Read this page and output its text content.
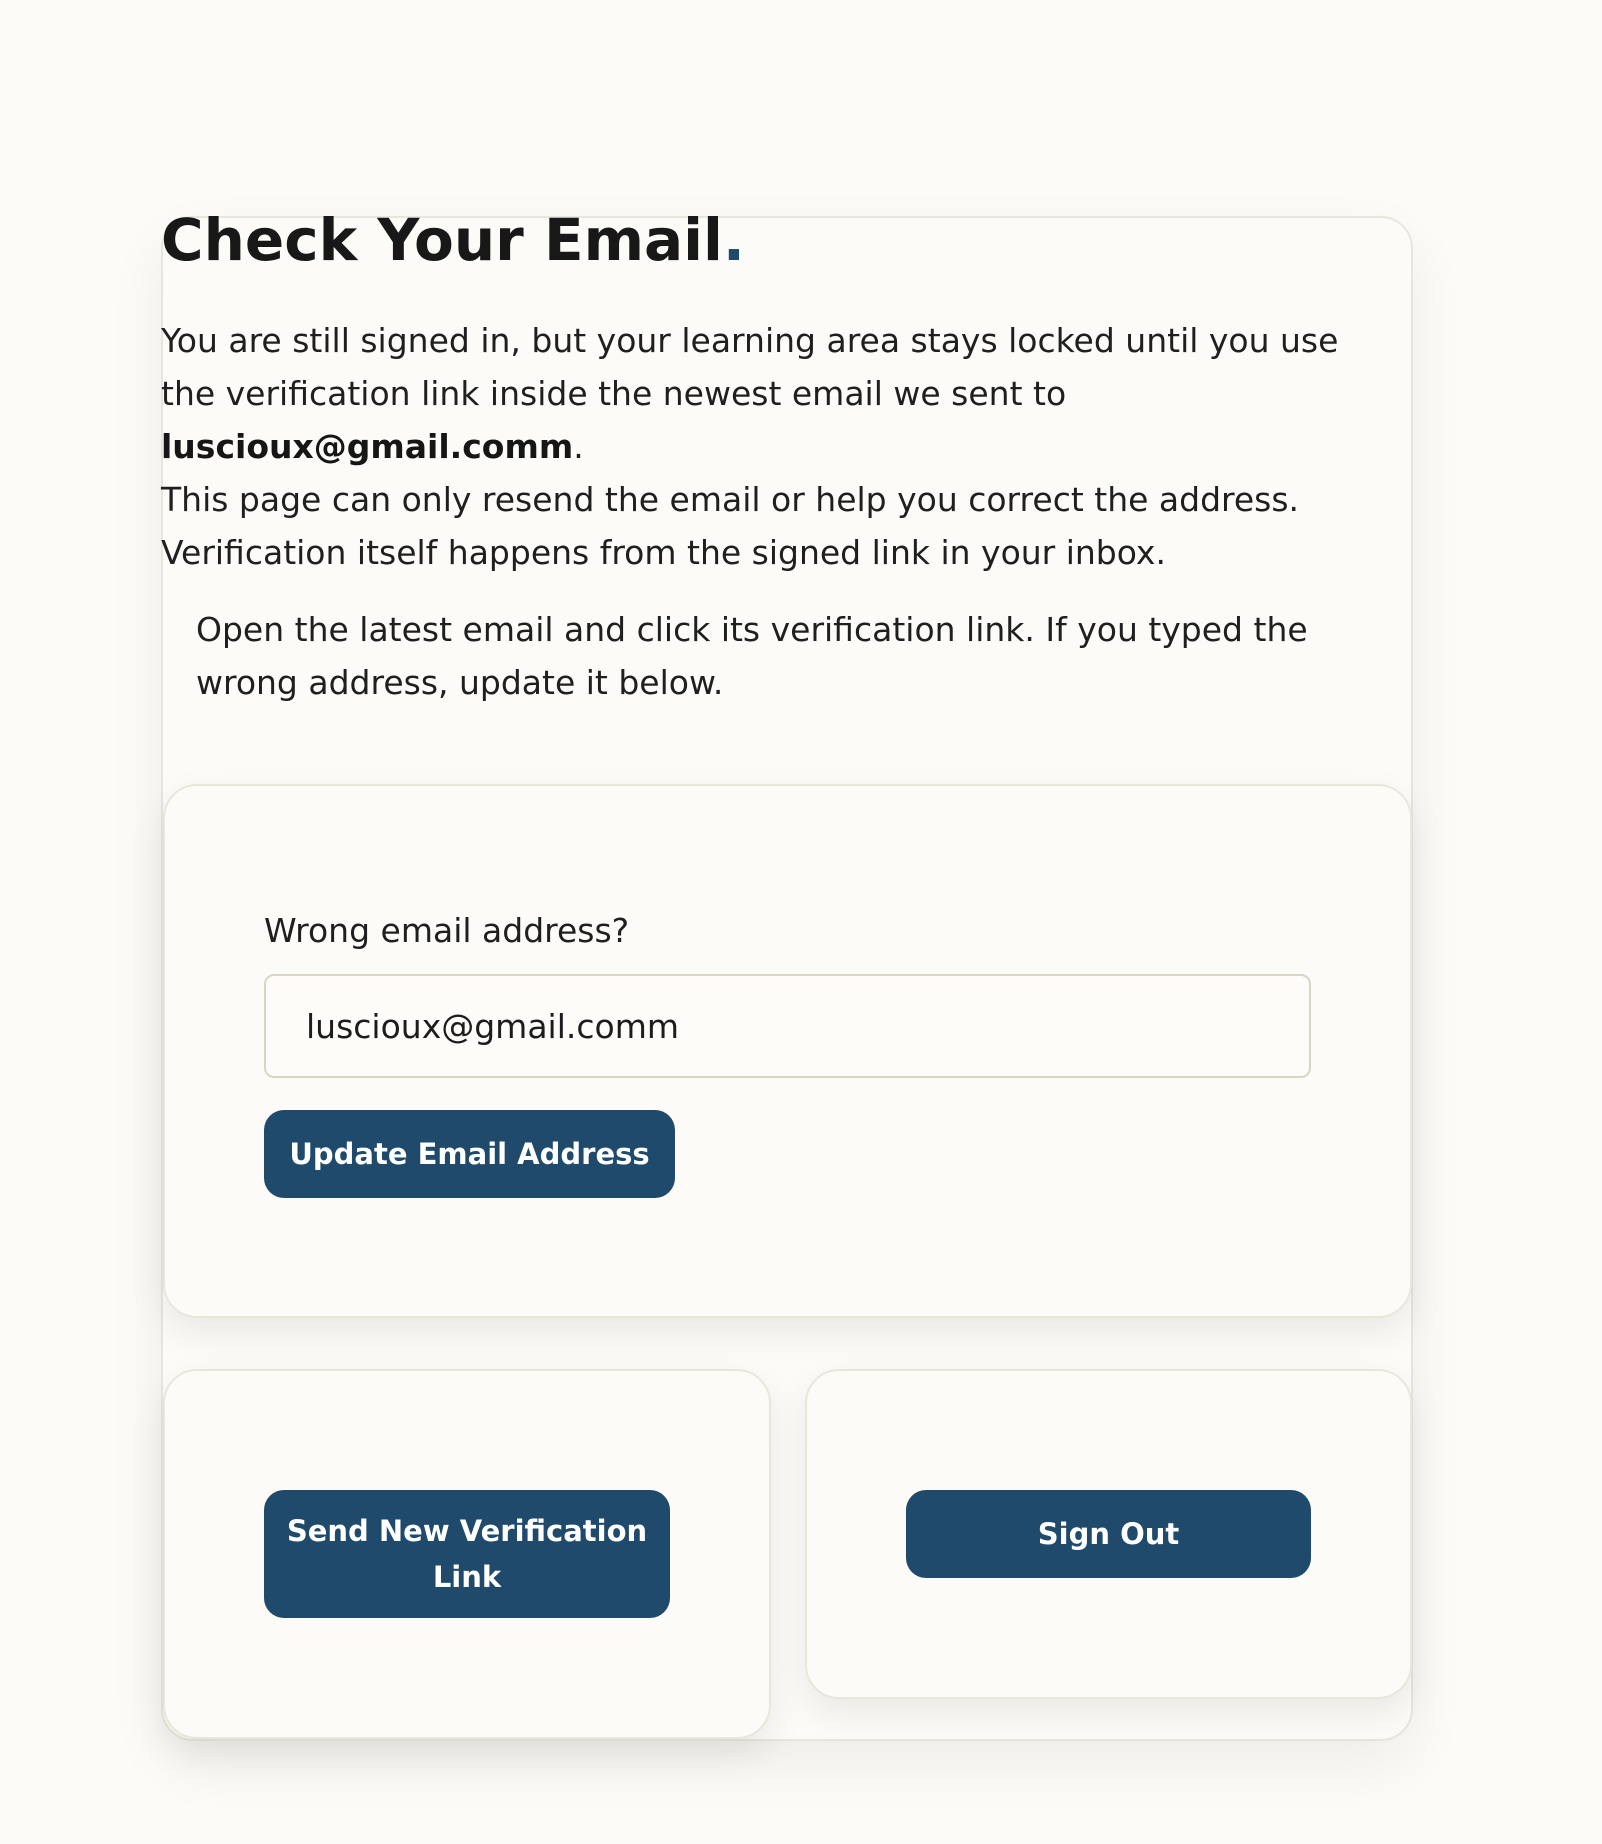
Check Your Email.

You are still signed in, but your learning area stays locked until you use the verification link inside the newest email we sent to luscioux@gmail.comm.

This page can only resend the email or help you correct the address. Verification itself happens from the signed link in your inbox.

Open the latest email and click its verification link. If you typed the wrong address, update it below.
Wrong email address?
luscioux@gmail.comm
Update Email Address
Send New Verification Link
Sign Out
